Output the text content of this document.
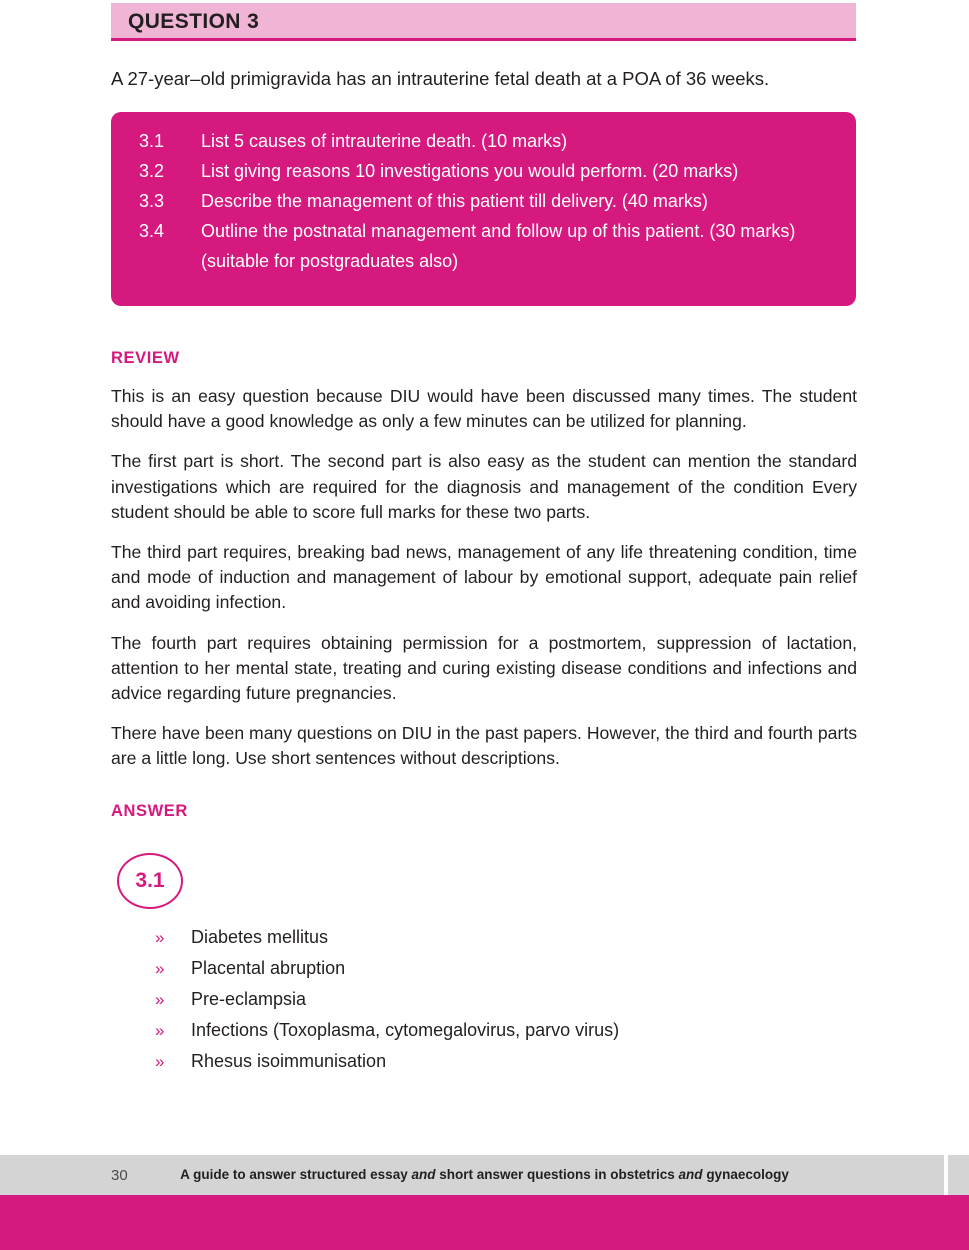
QUESTION 3
A 27-year–old primigravida has an intrauterine fetal death at a POA of 36 weeks.
3.1	List 5 causes of intrauterine death. (10 marks)
3.2	List giving reasons 10 investigations you would perform. (20 marks)
3.3	Describe the management of this patient till delivery. (40 marks)
3.4	Outline the postnatal management and follow up of this patient. (30 marks)
(suitable for postgraduates also)
REVIEW

This is an easy question because DIU would have been discussed many times. The student should have a good knowledge as only a few minutes can be utilized for planning.

The first part is short. The second part is also easy as the student can mention the standard investigations which are required for the diagnosis and management of the condition Every student should be able to score full marks for these two parts.

The third part requires, breaking bad news, management of any life threatening condition, time and mode of induction and management of labour by emotional support, adequate pain relief and avoiding infection.

The fourth part requires obtaining permission for a postmortem, suppression of lactation, attention to her mental state, treating and curing existing disease conditions and infections and advice regarding future pregnancies.

There have been many questions on DIU in the past papers. However, the third and fourth parts are a little long. Use short sentences without descriptions.

ANSWER
3.1
»	Diabetes mellitus
»	Placental abruption
»	Pre-eclampsia
»	Infections (Toxoplasma, cytomegalovirus, parvo virus)
»	Rhesus isoimmunisation
30	A guide to answer structured essay and short answer questions in obstetrics and gynaecology
